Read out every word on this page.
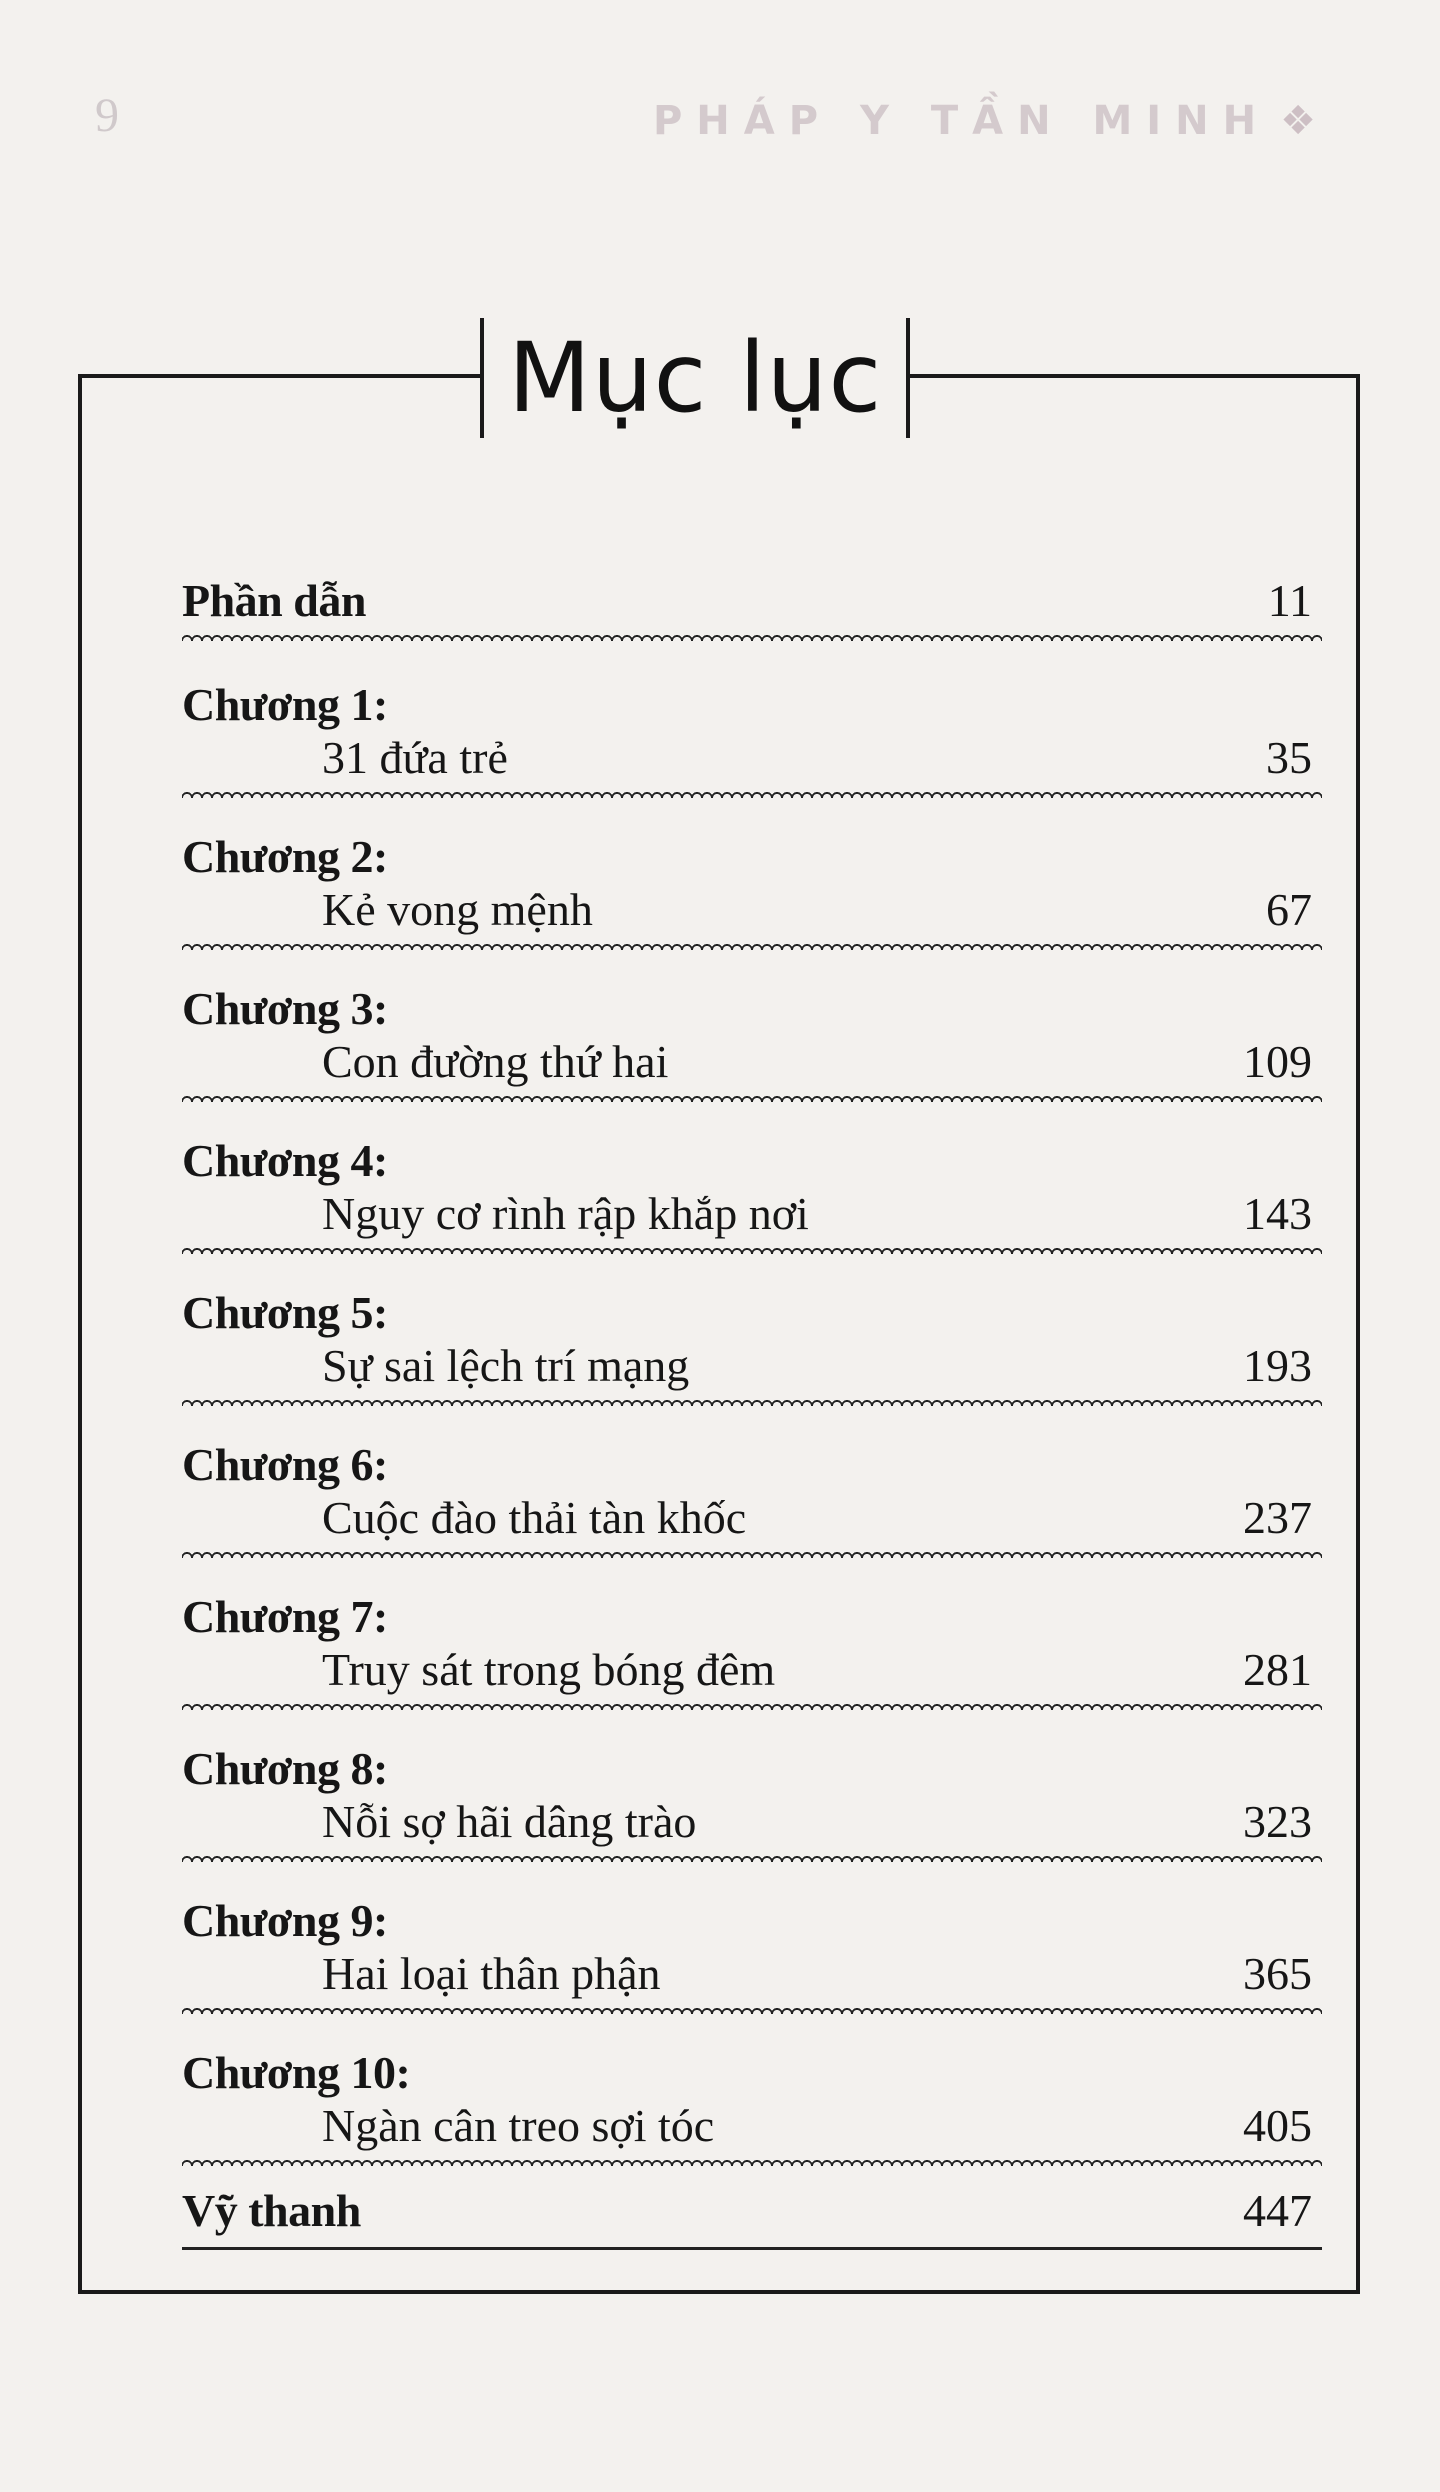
9	PHÁP Y TẦN MINH ❖
Phần dẫn	11
Chương 1:
31 đứa trẻ	35
Chương 2:
Kẻ vong mệnh	67
Chương 3:
Con đường thứ hai	109
Chương 4:
Nguy cơ rình rập khắp nơi	143
Chương 5:
Sự sai lệch trí mạng	193
Chương 6:
Cuộc đào thải tàn khốc	237
Chương 7:
Truy sát trong bóng đêm	281
Chương 8:
Nỗi sợ hãi dâng trào	323
Chương 9:
Hai loại thân phận	365
Chương 10:
Ngàn cân treo sợi tóc	405
Vỹ thanh	447
Mục lục
